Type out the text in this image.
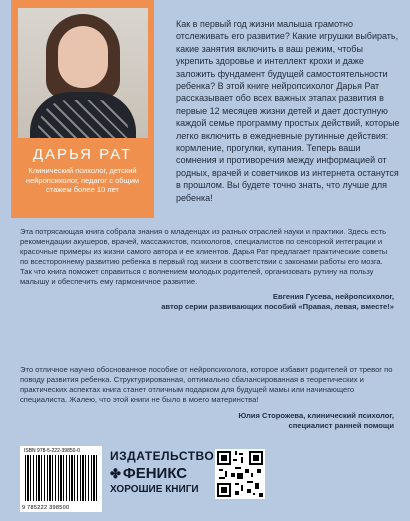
ДАРЬЯ РАТ
Клинический психолог, детский нейропсихолог, педагог с общим стажем более 10 лет
Как в первый год жизни малыша грамотно отслеживать его развитие? Какие игрушки выбирать, какие занятия включить в ваш режим, чтобы укрепить здоровье и интеллект крохи и даже заложить фундамент будущей самостоятельности ребенка? В этой книге нейропсихолог Дарья Рат рассказывает обо всех важных этапах развития в первые 12 месяцев жизни детей и дает доступную каждой семье программу простых действий, которые легко включить в ежедневные рутинные действия: кормление, прогулки, купания. Теперь ваши сомнения и противоречия между информацией от родных, врачей и советчиков из интернета останутся в прошлом. Вы будете точно знать, что лучше для ребенка!

Эта потрясающая книга собрала знания о младенцах из разных отраслей науки и практики. Здесь есть рекомендации акушеров, врачей, массажистов, психологов, специалистов по сенсорной интеграции и красочные примеры из жизни самого автора и ее клиентов. Дарья Рат предлагает практические советы по всестороннему развитию ребенка в первый год жизни в соответствии с законами работы его мозга. Так что книга поможет справиться с волнением молодых родителей, организовать рутину на пользу малышу и обеспечить ему гармоничное развитие.

Евгения Гусева, нейропсихолог,

автор серии развивающих пособий «Правая, левая, вместе!»

Это отличное научно обоснованное пособие от нейропсихолога, которое избавит родителей от тревог по поводу развития ребенка. Структурированная, оптимально сбалансированная в теоретических и практических аспектах книга станет отличным подарком для будущей мамы или начинающего специалиста. Жалею, что этой книги не было в моего материнства!

Юлия Сторожева, клинический психолог,

специалист ранней помощи

ISBN 978-5-222-39850-0
9 785222 398500
ИЗДАТЕЛЬСТВО
✤ ФЕНИКС
ХОРОШИЕ КНИГИ
